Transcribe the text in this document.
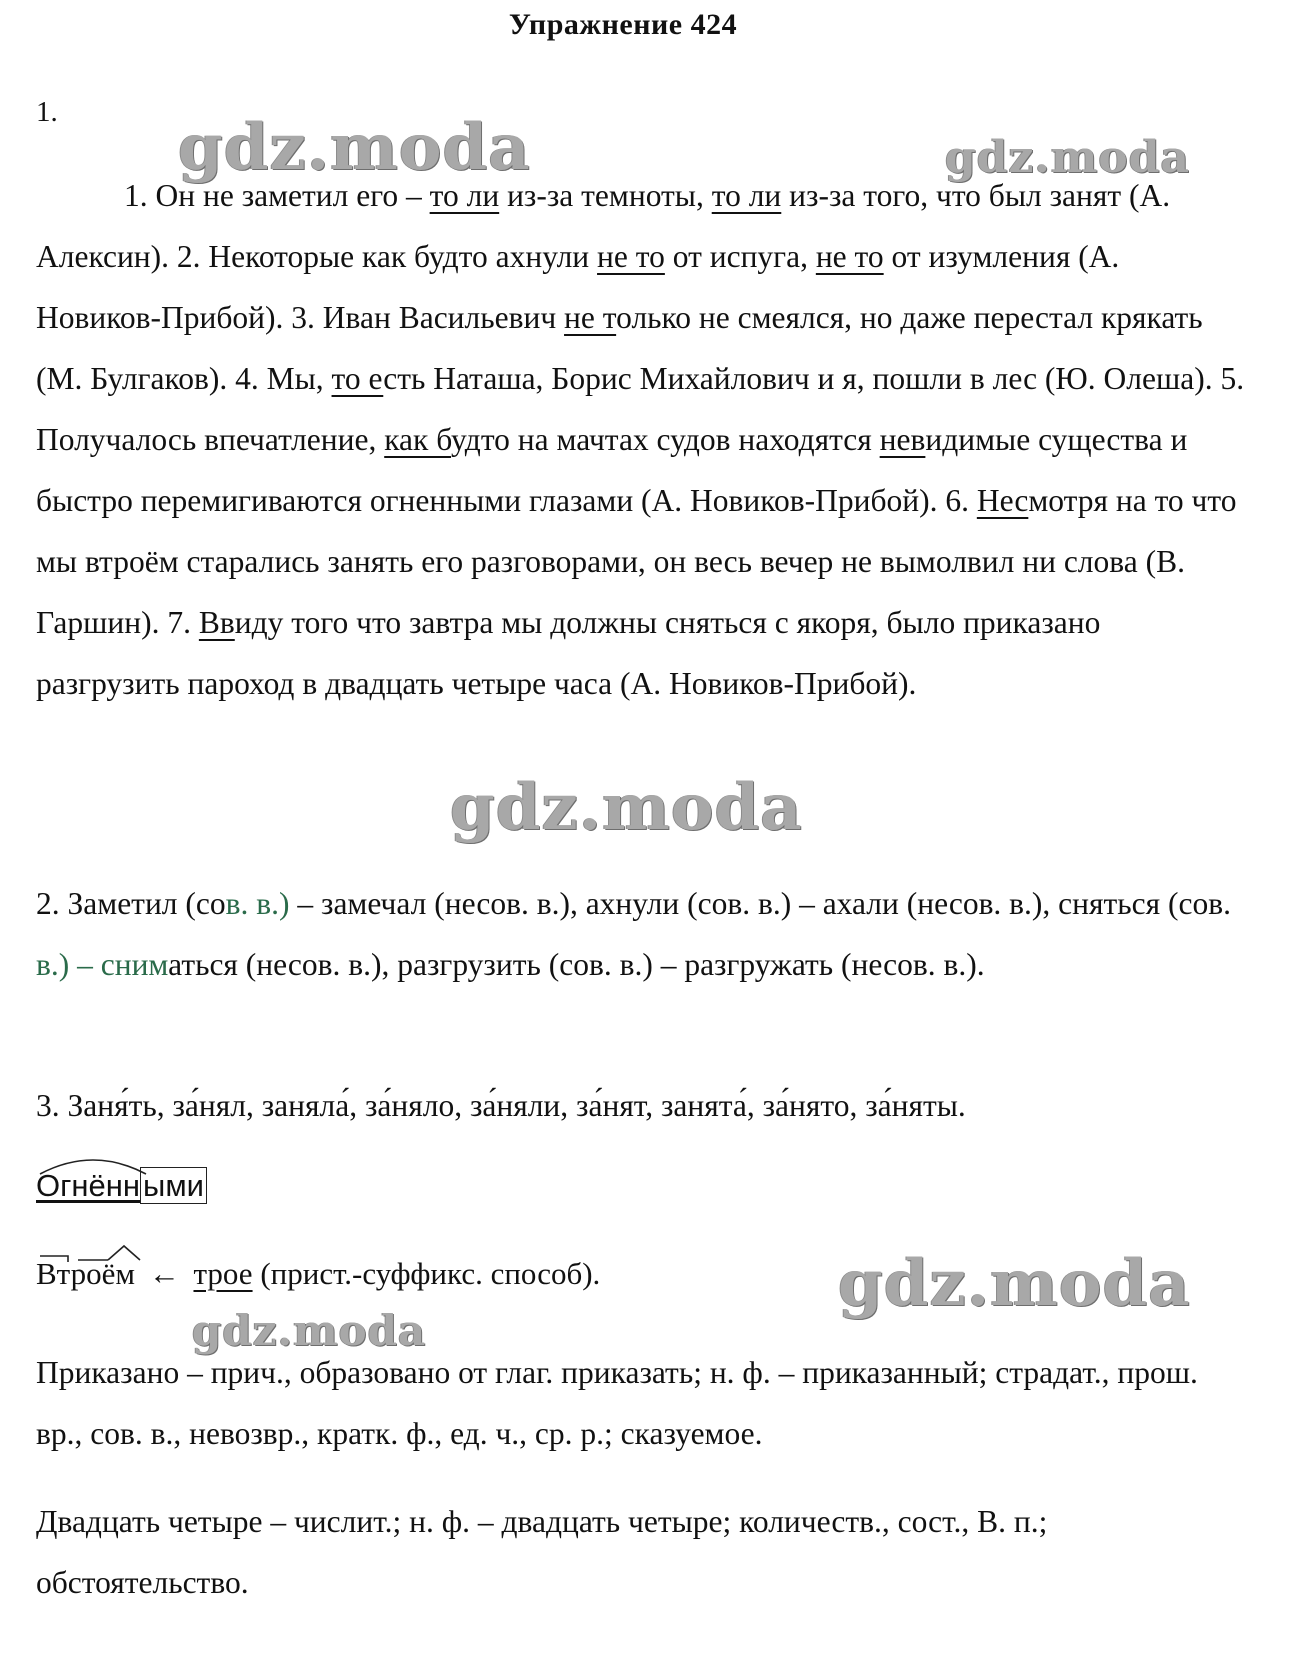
Упражнение 424
1.

1. Он не заметил его – то ли из-за темноты, то ли из-за того, что был занят (А. Алексин). 2. Некоторые как будто ахнули не то от испуга, не то от изумления (А. Новиков-Прибой). 3. Иван Васильевич не только не смеялся, но даже перестал крякать (М. Булгаков). 4. Мы, то есть Наташа, Борис Михайлович и я, пошли в лес (Ю. Олеша). 5. Получалось впечатление, как будто на мачтах судов находятся невидимые существа и быстро перемигиваются огненными глазами (А. Новиков-Прибой). 6. Несмотря на то что мы втроём старались занять его разговорами, он весь вечер не вымолвил ни слова (В. Гаршин). 7. Ввиду того что завтра мы должны сняться с якоря, было приказано разгрузить пароход в двадцать четыре часа (А. Новиков-Прибой).

2. Заметил (сов. в.) – замечал (несов. в.), ахнули (сов. в.) – ахали (несов. в.), сняться (сов. в.) – сниматься (несов. в.), разгрузить (сов. в.) – разгружать (несов. в.).

3. Заня́ть, за́нял, заняла́, за́няло, за́няли, за́нят, занята́, за́нято, за́няты.

Огнёнными
Втроём ← трое (прист.-суффикс. способ).

Приказано – прич., образовано от глаг. приказать; н. ф. – приказанный; страдат., прош. вр., сов. в., невозвр., кратк. ф., ед. ч., ср. р.; сказуемое.

Двадцать четыре – числит.; н. ф. – двадцать четыре; количеств., сост., В. п.; обстоятельство.

gdz.moda	gdz.moda
gdz.moda
gdz.moda
gdz.moda
